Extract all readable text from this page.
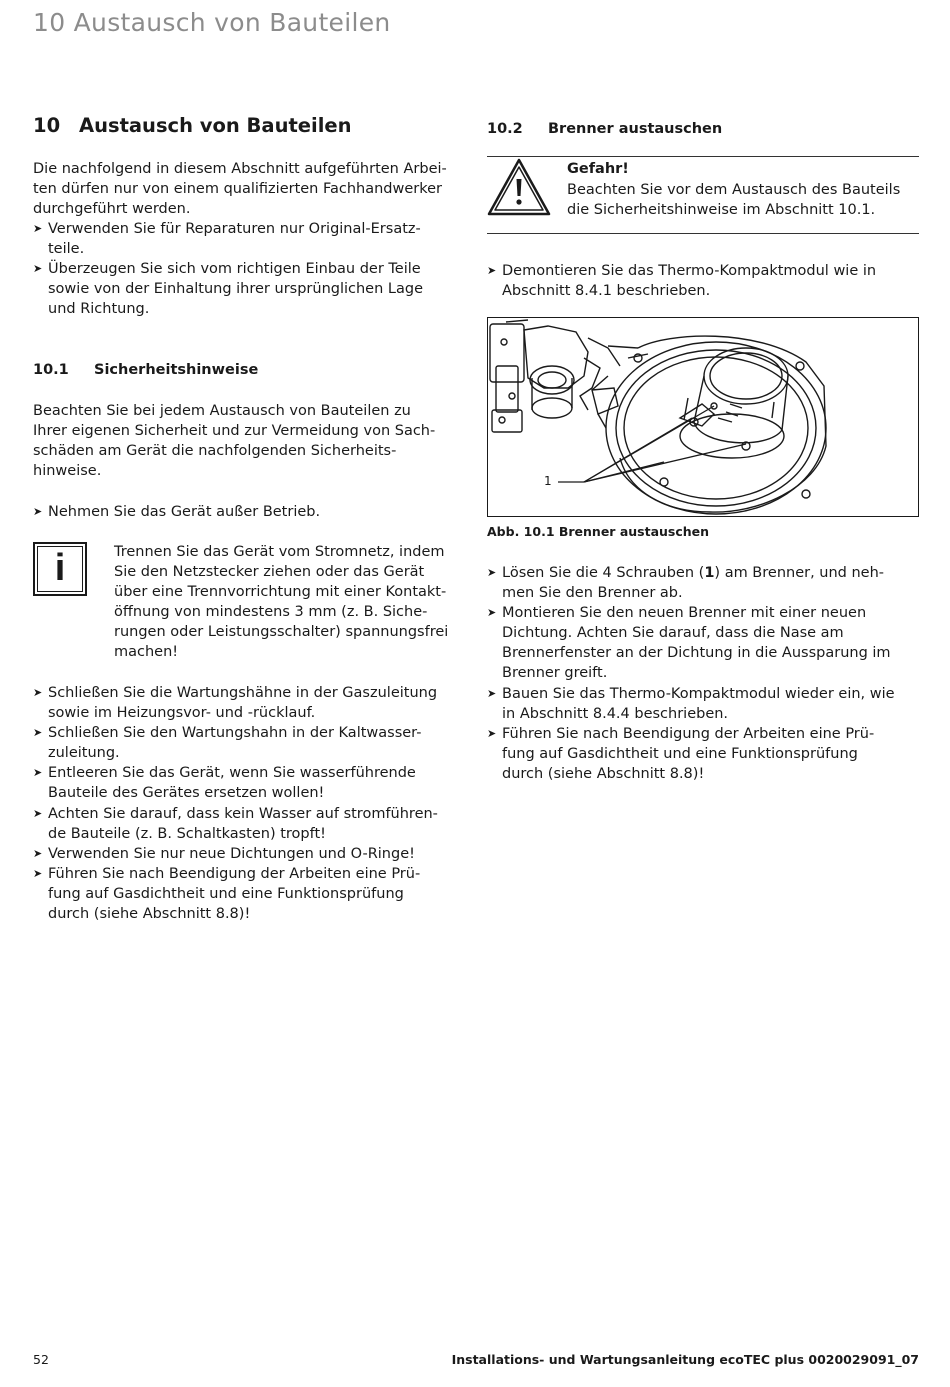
10 Austausch von Bauteilen
10 Austausch von Bauteilen
Die nachfolgend in diesem Abschnitt aufgeführten Arbei-
ten dürfen nur von einem qualifizierten Fachhandwerker
durchgeführt werden.
➤ Verwenden Sie für Reparaturen nur Original-Ersatz-
teile.
➤ Überzeugen Sie sich vom richtigen Einbau der Teile
sowie von der Einhaltung ihrer ursprünglichen Lage
und Richtung.
10.1 Sicherheitshinweise
Beachten Sie bei jedem Austausch von Bauteilen zu
Ihrer eigenen Sicherheit und zur Vermeidung von Sach-
schäden am Gerät die nachfolgenden Sicherheits-
hinweise.
➤ Nehmen Sie das Gerät außer Betrieb.
i	Trennen Sie das Gerät vom Stromnetz, indem
Sie den Netzstecker ziehen oder das Gerät
über eine Trennvorrichtung mit einer Kontakt-
öffnung von mindestens 3 mm (z. B. Siche-
rungen oder Leistungsschalter) spannungsfrei
machen!
➤ Schließen Sie die Wartungshähne in der Gaszuleitung
sowie im Heizungsvor- und -rücklauf.
➤ Schließen Sie den Wartungshahn in der Kaltwasser-
zuleitung.
➤ Entleeren Sie das Gerät, wenn Sie wasserführende
Bauteile des Gerätes ersetzen wollen!
➤ Achten Sie darauf, dass kein Wasser auf stromführen-
de Bauteile (z. B. Schaltkasten) tropft!
➤ Verwenden Sie nur neue Dichtungen und O-Ringe!
➤ Führen Sie nach Beendigung der Arbeiten eine Prü-
fung auf Gasdichtheit und eine Funktionsprüfung
durch (siehe Abschnitt 8.8)!
10.2 Brenner austauschen
Gefahr!
Beachten Sie vor dem Austausch des Bauteils
die Sicherheitshinweise im Abschnitt 10.1.
➤ Demontieren Sie das Thermo-Kompaktmodul wie in
Abschnitt 8.4.1 beschrieben.
1
Abb. 10.1 Brenner austauschen
➤ Lösen Sie die 4 Schrauben (1) am Brenner, und neh-
men Sie den Brenner ab.
➤ Montieren Sie den neuen Brenner mit einer neuen
Dichtung. Achten Sie darauf, dass die Nase am
Brennerfenster an der Dichtung in die Aussparung im
Brenner greift.
➤ Bauen Sie das Thermo-Kompaktmodul wieder ein, wie
in Abschnitt 8.4.4 beschrieben.
➤ Führen Sie nach Beendigung der Arbeiten eine Prü-
fung auf Gasdichtheit und eine Funktionsprüfung
durch (siehe Abschnitt 8.8)!
52	Installations- und Wartungsanleitung ecoTEC plus 0020029091_07
